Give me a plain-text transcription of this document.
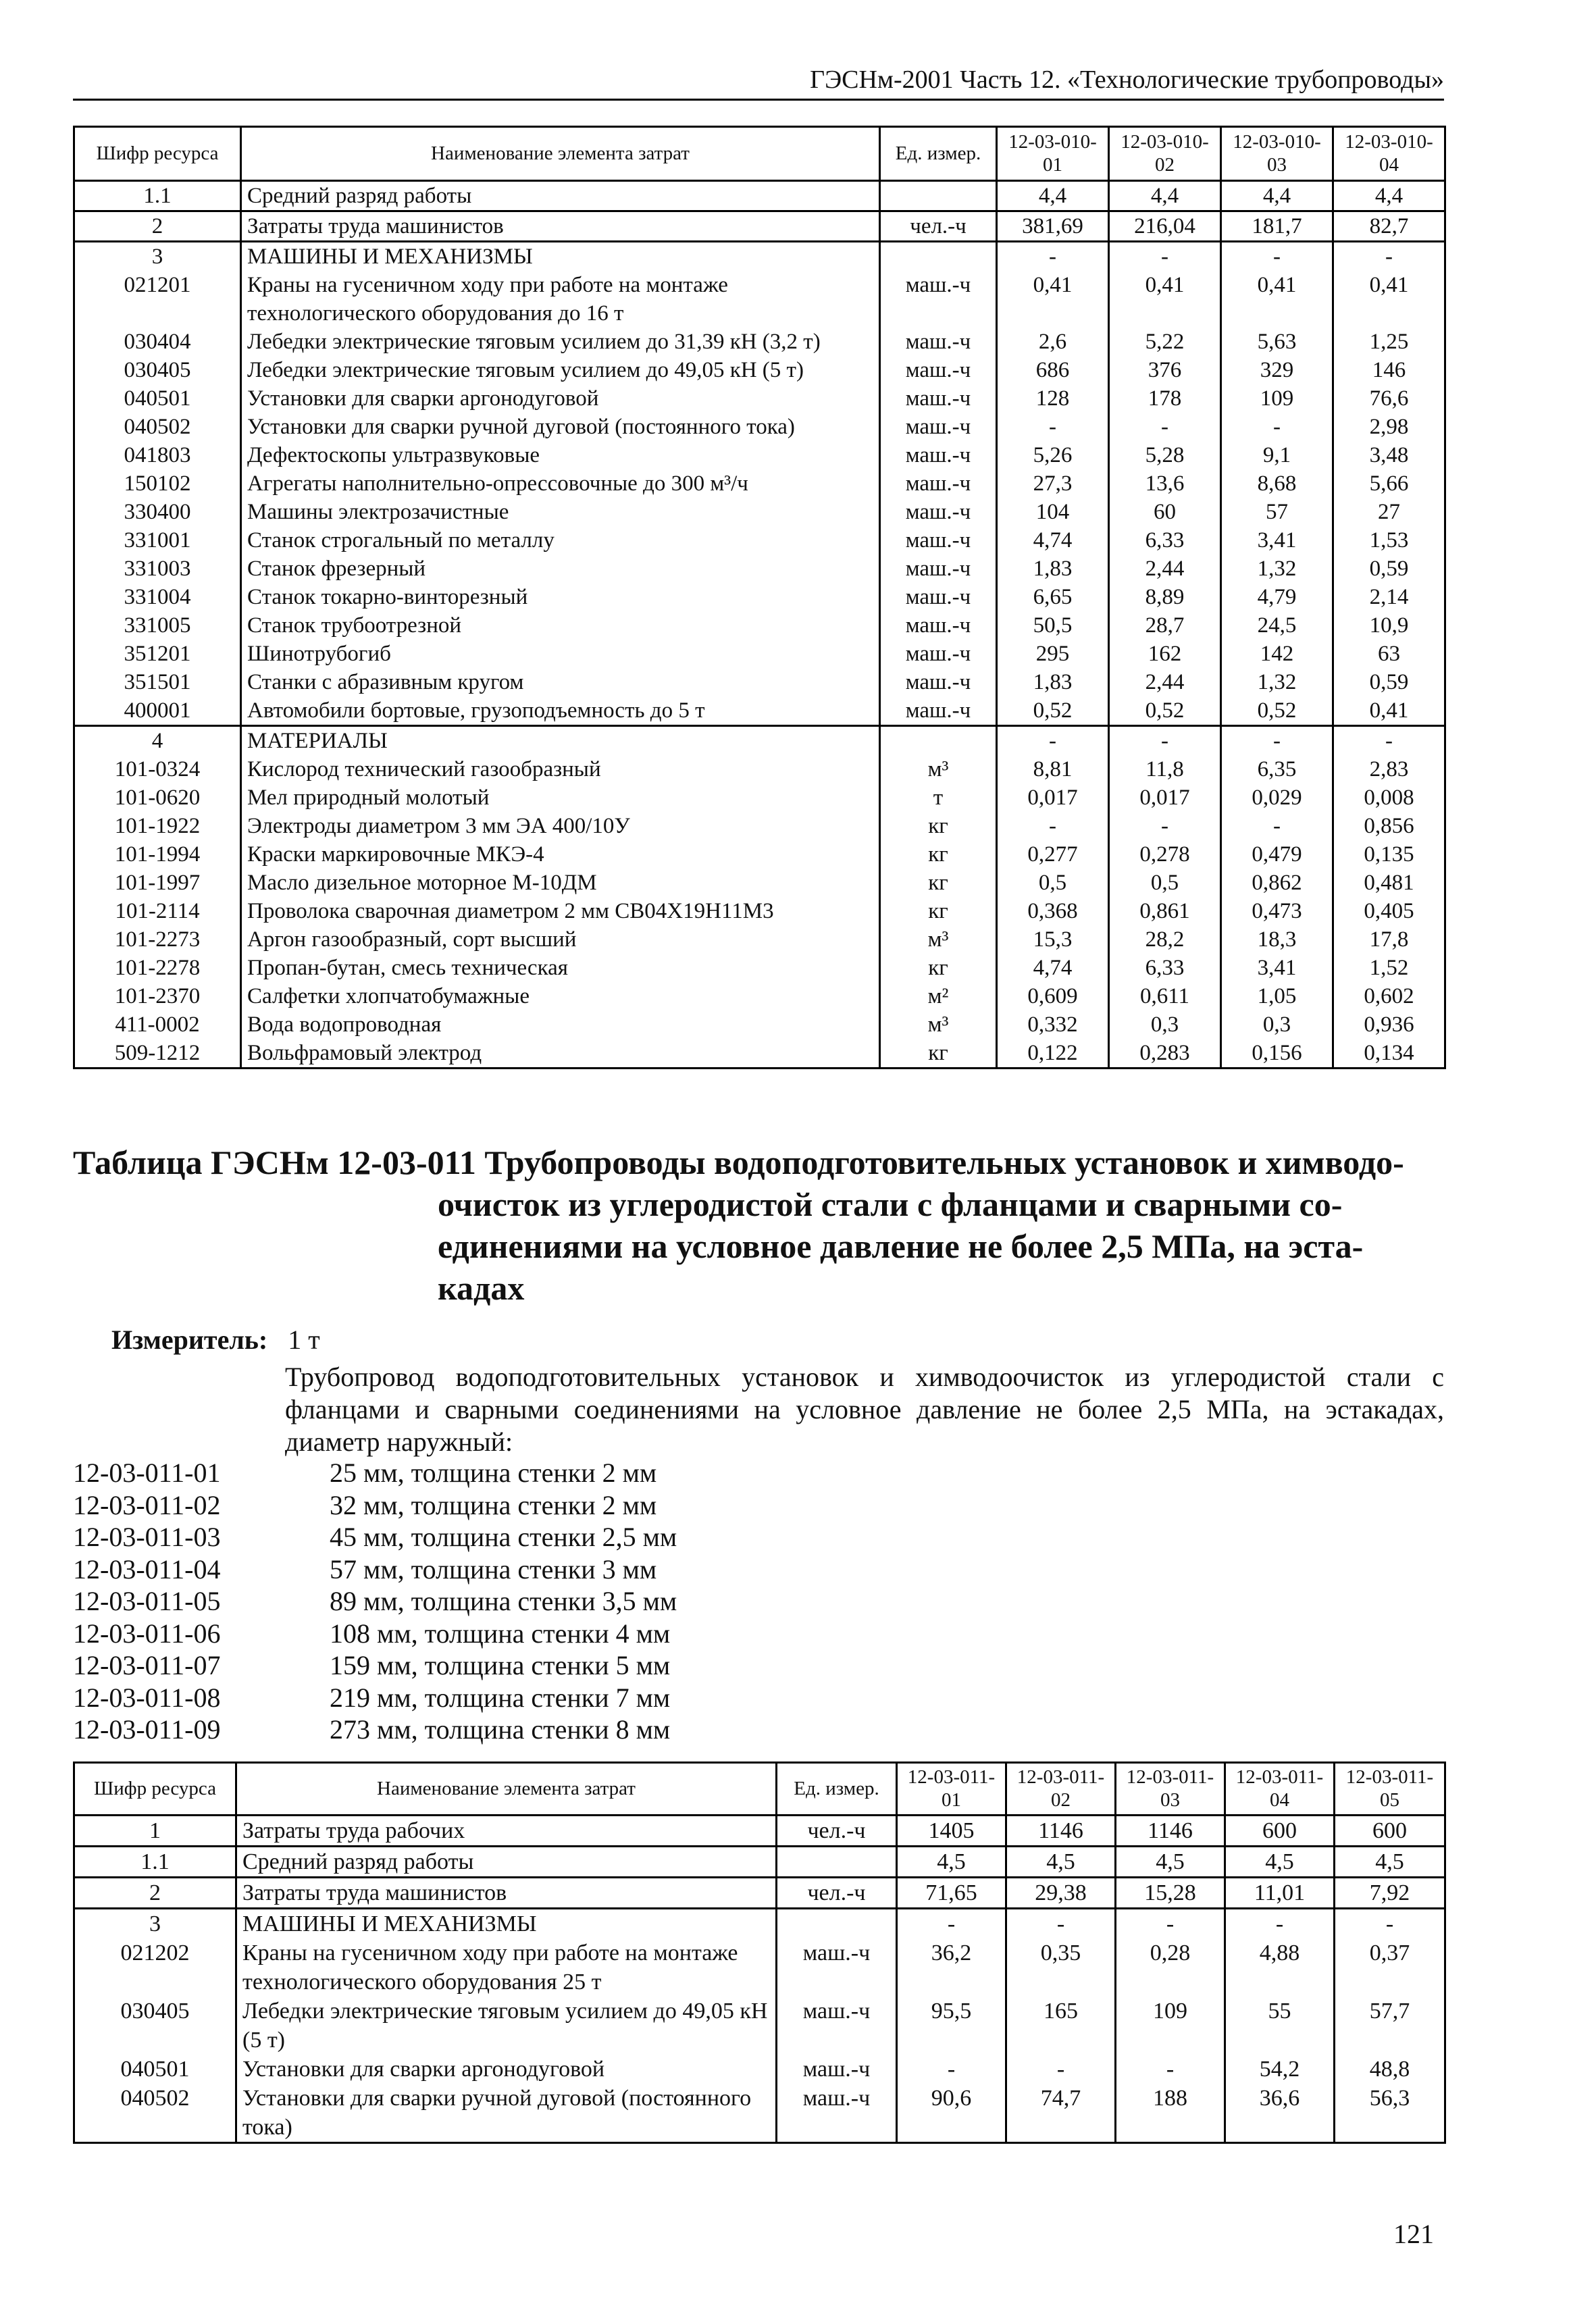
ГЭСНм-2001 Часть 12. «Технологические трубопроводы»
Шифр ресурса	Наименование элемента затрат	Ед. измер.	12-03-010-01	12-03-010-02	12-03-010-03	12-03-010-04
1.1	Средний разряд работы		4,4	4,4	4,4	4,4
2	Затраты труда машинистов	чел.-ч	381,69	216,04	181,7	82,7
3	МАШИНЫ И МЕХАНИЗМЫ		-	-	-	-
021201	Краны на гусеничном ходу при работе на монтаже технологического оборудования до 16 т	маш.-ч	0,41	0,41	0,41	0,41
030404	Лебедки электрические тяговым усилием до 31,39 кН (3,2 т)	маш.-ч	2,6	5,22	5,63	1,25
030405	Лебедки электрические тяговым усилием до 49,05 кН (5 т)	маш.-ч	686	376	329	146
040501	Установки для сварки аргонодуговой	маш.-ч	128	178	109	76,6
040502	Установки для сварки ручной дуговой (постоянного тока)	маш.-ч	-	-	-	2,98
041803	Дефектоскопы ультразвуковые	маш.-ч	5,26	5,28	9,1	3,48
150102	Агрегаты наполнительно-опрессовочные до 300 м³/ч	маш.-ч	27,3	13,6	8,68	5,66
330400	Машины электрозачистные	маш.-ч	104	60	57	27
331001	Станок строгальный по металлу	маш.-ч	4,74	6,33	3,41	1,53
331003	Станок фрезерный	маш.-ч	1,83	2,44	1,32	0,59
331004	Станок токарно-винторезный	маш.-ч	6,65	8,89	4,79	2,14
331005	Станок трубоотрезной	маш.-ч	50,5	28,7	24,5	10,9
351201	Шинотрубогиб	маш.-ч	295	162	142	63
351501	Станки с абразивным кругом	маш.-ч	1,83	2,44	1,32	0,59
400001	Автомобили бортовые, грузоподъемность до 5 т	маш.-ч	0,52	0,52	0,52	0,41
4	МАТЕРИАЛЫ		-	-	-	-
101-0324	Кислород технический газообразный	м³	8,81	11,8	6,35	2,83
101-0620	Мел природный молотый	т	0,017	0,017	0,029	0,008
101-1922	Электроды диаметром 3 мм ЭА 400/10У	кг	-	-	-	0,856
101-1994	Краски маркировочные МКЭ-4	кг	0,277	0,278	0,479	0,135
101-1997	Масло дизельное моторное М-10ДМ	кг	0,5	0,5	0,862	0,481
101-2114	Проволока сварочная диаметром 2 мм СВ04Х19Н11М3	кг	0,368	0,861	0,473	0,405
101-2273	Аргон газообразный, сорт высший	м³	15,3	28,2	18,3	17,8
101-2278	Пропан-бутан, смесь техническая	кг	4,74	6,33	3,41	1,52
101-2370	Салфетки хлопчатобумажные	м²	0,609	0,611	1,05	0,602
411-0002	Вода водопроводная	м³	0,332	0,3	0,3	0,936
509-1212	Вольфрамовый электрод	кг	0,122	0,283	0,156	0,134
Таблица ГЭСНм 12-03-011 Трубопроводы водоподготовительных установок и химводо-
очисток из углеродистой стали с фланцами и сварными со-
единениями на условное давление не более 2,5 МПа, на эста-
кадах
Измеритель: 1 т
Трубопровод водоподготовительных установок и химводоочисток из углеродистой стали с фланцами и сварными соединениями на условное давление не более 2,5 МПа, на эстакадах, диаметр наружный:
12-03-011-01	25 мм, толщина стенки 2 мм
12-03-011-02	32 мм, толщина стенки 2 мм
12-03-011-03	45 мм, толщина стенки 2,5 мм
12-03-011-04	57 мм, толщина стенки 3 мм
12-03-011-05	89 мм, толщина стенки 3,5 мм
12-03-011-06	108 мм, толщина стенки 4 мм
12-03-011-07	159 мм, толщина стенки 5 мм
12-03-011-08	219 мм, толщина стенки 7 мм
12-03-011-09	273 мм, толщина стенки 8 мм
Шифр ресурса	Наименование элемента затрат	Ед. измер.	12-03-011-01	12-03-011-02	12-03-011-03	12-03-011-04	12-03-011-05
1	Затраты труда рабочих	чел.-ч	1405	1146	1146	600	600
1.1	Средний разряд работы		4,5	4,5	4,5	4,5	4,5
2	Затраты труда машинистов	чел.-ч	71,65	29,38	15,28	11,01	7,92
3	МАШИНЫ И МЕХАНИЗМЫ		-	-	-	-	-
021202	Краны на гусеничном ходу при работе на монтаже технологического оборудования 25 т	маш.-ч	36,2	0,35	0,28	4,88	0,37
030405	Лебедки электрические тяговым усилием до 49,05 кН (5 т)	маш.-ч	95,5	165	109	55	57,7
040501	Установки для сварки аргонодуговой	маш.-ч	-	-	-	54,2	48,8
040502	Установки для сварки ручной дуговой (постоянного тока)	маш.-ч	90,6	74,7	188	36,6	56,3
121
